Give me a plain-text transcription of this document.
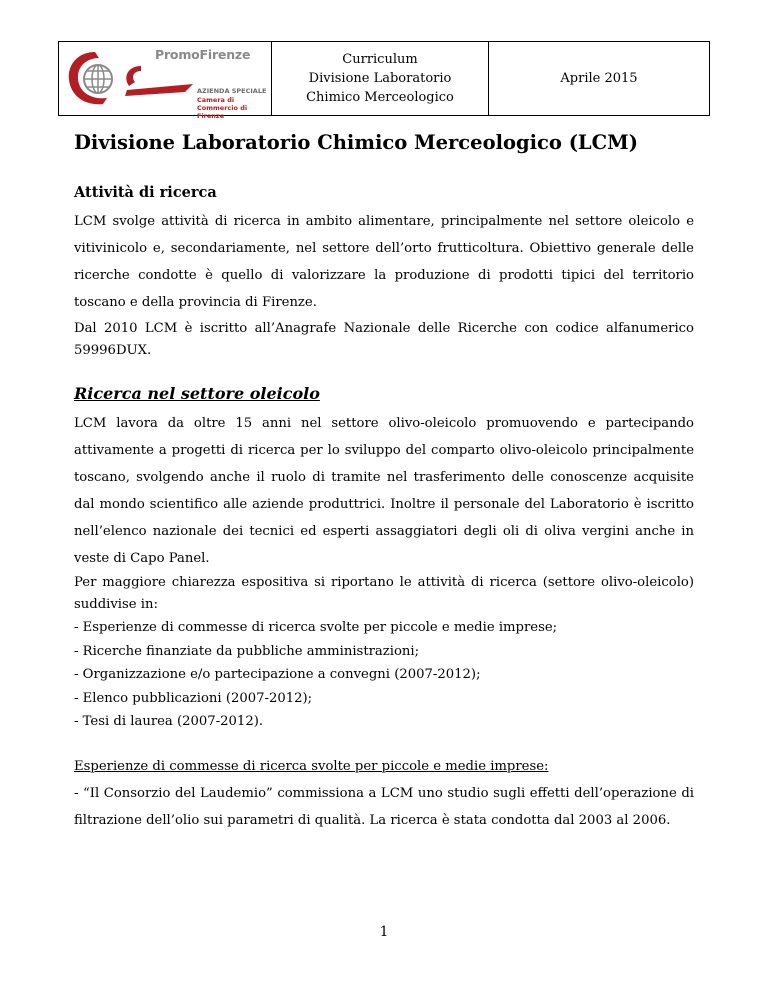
PromoFirenze
AZIENDA SPECIALE
Camera di Commercio di Firenze

Curriculum
Divisione Laboratorio
Chimico Merceologico
	Aprile 2015
Divisione Laboratorio Chimico Merceologico (LCM)
Attività di ricerca

LCM svolge attività di ricerca in ambito alimentare, principalmente nel settore oleicolo e vitivinicolo e, secondariamente, nel settore dell’orto frutticoltura. Obiettivo generale delle ricerche condotte è quello di valorizzare la produzione di prodotti tipici del territorio toscano e della provincia di Firenze.

Dal 2010 LCM è iscritto all’Anagrafe Nazionale delle Ricerche con codice alfanumerico 59996DUX.

Ricerca nel settore oleicolo

LCM lavora da oltre 15 anni nel settore olivo-oleicolo promuovendo e partecipando attivamente a progetti di ricerca per lo sviluppo del comparto olivo-oleicolo principalmente toscano, svolgendo anche il ruolo di tramite nel trasferimento delle conoscenze acquisite dal mondo scientifico alle aziende produttrici. Inoltre il personale del Laboratorio è iscritto nell’elenco nazionale dei tecnici ed esperti assaggiatori degli oli di oliva vergini anche in veste di Capo Panel.

Per maggiore chiarezza espositiva si riportano le attività di ricerca (settore olivo-oleicolo) suddivise in:

- Esperienze di commesse di ricerca svolte per piccole e medie imprese;
- Ricerche finanziate da pubbliche amministrazioni;
- Organizzazione e/o partecipazione a convegni (2007-2012);
- Elenco pubblicazioni (2007-2012);
- Tesi di laurea (2007-2012).
Esperienze di commesse di ricerca svolte per piccole e medie imprese:

- “Il Consorzio del Laudemio” commissiona a LCM uno studio sugli effetti dell’operazione di filtrazione dell’olio sui parametri di qualità. La ricerca è stata condotta dal 2003 al 2006.

1
